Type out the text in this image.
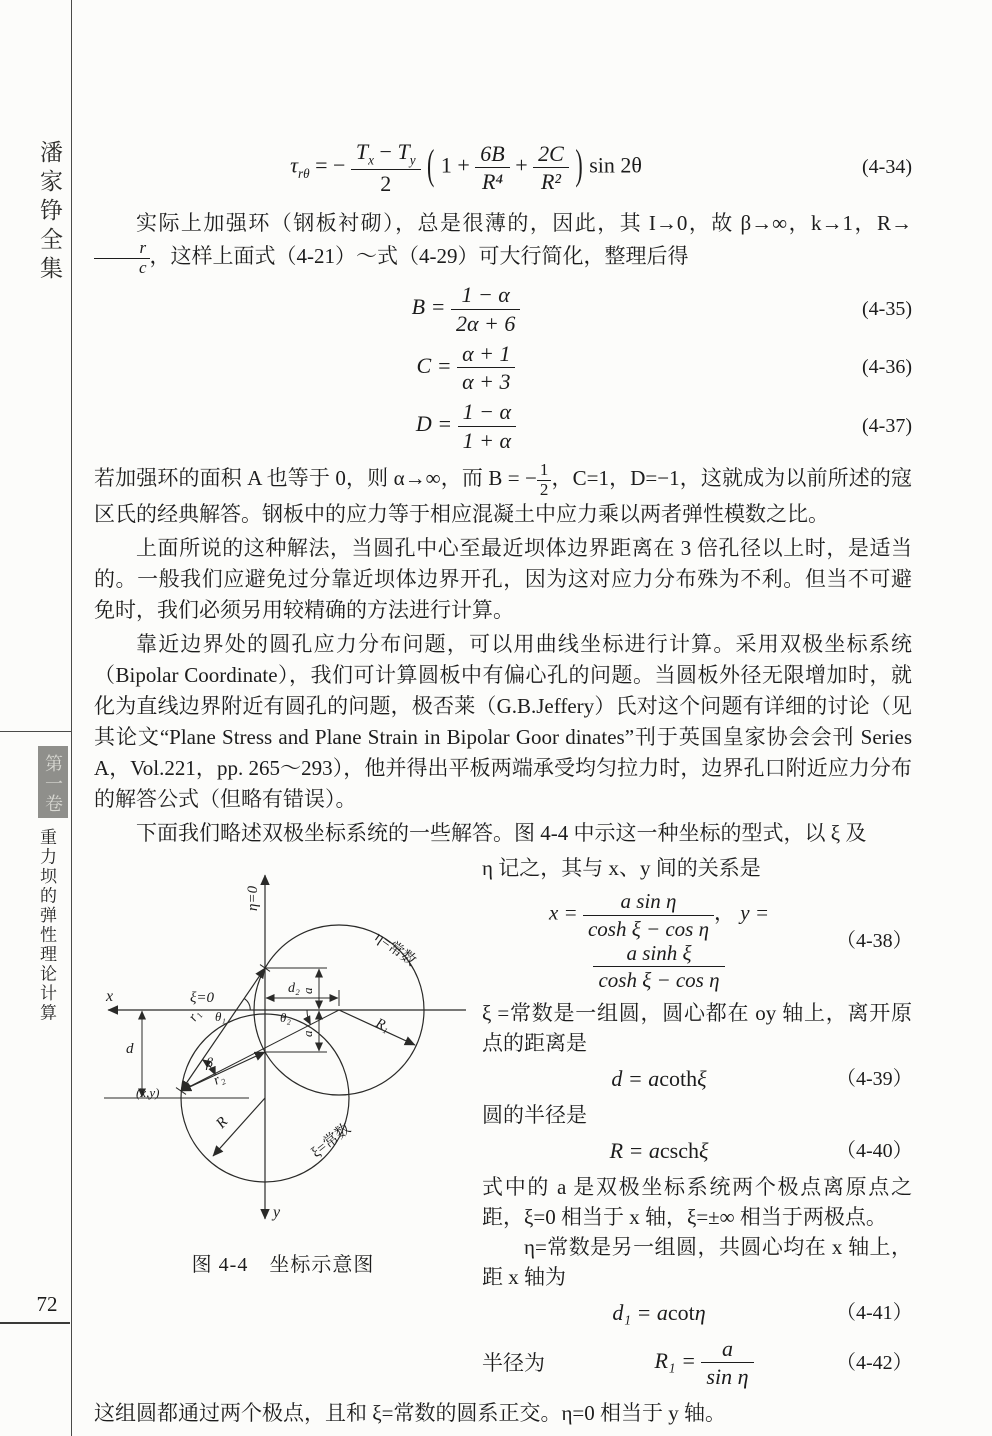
潘家铮全集
第一卷
重力坝的弹性理论计算
72
$\tau_{r\theta}$ = − $\frac{T_x - T_y}{2}$ ( $1 + \frac{6B}{\text{R⁴}} + \frac{2C}{\text{R²}}$ ) sin 2θ	(4-34)

实际上加强环（钢板衬砌），总是很薄的，因此，其 I→0，故 β→∞，k→1，R→
$\frac{r}{c}$ ，这样上面式（4-21）～式（4-29）可大行简化，整理后得

$B = \frac{1 - \alpha}{2\alpha + 6}$	(4-35)
$C = \frac{\alpha + 1}{\alpha + 3}$	(4-36)
$D = \frac{1 - \alpha}{1 + \alpha}$	(4-37)

若加强环的面积 A 也等于 0，则 α→∞，而 B = − $\frac{1}{2}$ ，C=1，D=−1，这就成为以前所述的寇区氏的经典解答。钢板中的应力等于相应混凝土中应力乘以两者弹性模数之比。

上面所说的这种解法，当圆孔中心至最近坝体边界距离在 3 倍孔径以上时，是适当的。一般我们应避免过分靠近坝体边界开孔，因为这对应力分布殊为不利。但当不可避免时，我们必须另用较精确的方法进行计算。

靠近边界处的圆孔应力分布问题，可以用曲线坐标进行计算。采用双极坐标系统（Bipolar Coordinate），我们可计算圆板中有偏心孔的问题。当圆板外径无限增加时，就化为直线边界附近有圆孔的问题，极否莱（G.B.Jeffery）氏对这个问题有详细的讨论（见其论文“Plane Stress and Plane Strain in Bipolar Goor dinates”刊于英国皇家协会会刊 Series A，Vol.221，pp. 265～293），他并得出平板两端承受均匀拉力时，边界孔口附近应力分布的解答公式（但略有错误）。

下面我们略述双极坐标系统的一些解答。图 4-4 中示这一种坐标的型式，以 ξ 及

x	ξ=0
η=0
y
η=常数
ξ=常数
d
(x,y)
d₂ a
a
θ₂	R₁
r₁ θ₁
β
r₂
R
图 4-4　坐标示意图

η 记之，其与 x、y 间的关系是

$x = \frac{\text{a sin η}}{\text{cosh ξ − cos η}}$ ， y =
$\frac{\text{a sinh ξ}}{\text{cosh ξ − cos η}}$	（4-38）

ξ =常数是一组圆，圆心都在 oy 轴上，离开原点的距离是

d = acothξ	（4-39）

圆的半径是

R = acschξ	（4-40）

式中的 a 是双极坐标系统两个极点离原点之距，ξ=0 相当于 x 轴，ξ=±∞ 相当于两极点。

η=常数是另一组圆，共圆心均在 x 轴上，距 x 轴为

d₁ = acotη	（4-41）
半径为	$R_1 = \frac{a}{\text{sin η}}$	（4-42）

这组圆都通过两个极点，且和 ξ=常数的圆系正交。η=0 相当于 y 轴。
